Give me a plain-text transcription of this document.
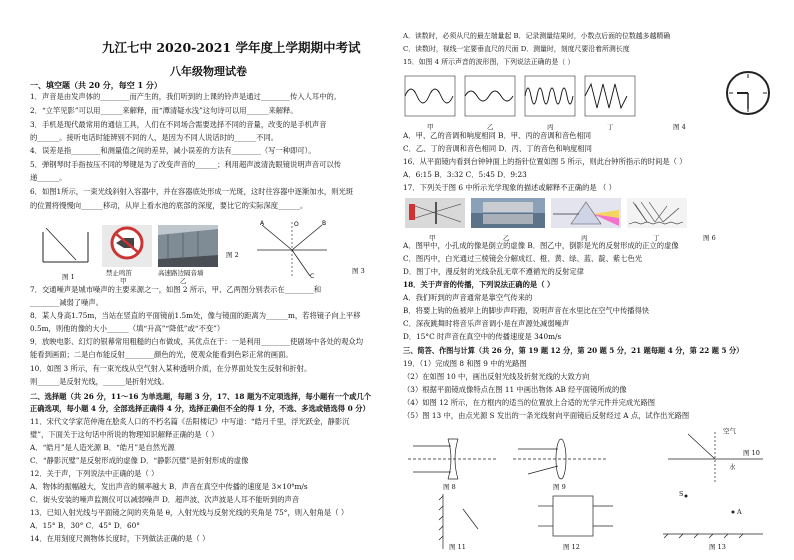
九江七中 2020-2021 学年度上学期期中考试
八年级物理试卷
一、填空题（共 20 分，每空 1 分）
1．声音是由发声体的________而产生的，我们听到的上课的铃声是通过________传入人耳中的。
2．“立竿见影”可以用______来解释，而“潭清疑水浅”这句诗可以用______来解释。
3．手机是现代最常用的通信工具，人们在不同场合需要选择不同的音量，改变的是手机声音
的______。接听电话时能辨别不同的人，是因为不同人说话时的______不同。
4．误差是指________和测量值之间的差异，减小误差的方法有________（写一种即可）。
5．弹钢琴时手指按压不同的琴键是为了改变声音的______；利用超声波清洗眼镜说明声音可以传
递______。
6．如图1所示，一束光线斜射入容器中，并在容器底处形成一光斑，这时往容器中逐渐加水，则光斑
的位置将慢慢向______移动，从岸上看水池的底部的深度，要比它的实际深度______。
图 1	禁止鸣笛	高速路边隔音墙
甲	乙
图 2
A	B
C
O
图 3
7．交通噪声是城市噪声的主要来源之一，如图 2 所示，甲、乙两图分别表示在________和
________减弱了噪声。
8．某人身高1.75m，当站在竖直的平面镜前1.5m处，像与镜面的距离为______m，若将镜子向上平移
0.5m，则他的像的大小______（填“升高”“降低”或“不变”）
9．放映电影、幻灯的银幕常用粗糙的白布做成，其优点在于：一是利用________使剧场中各处的观众均
能看到画面；二是白布能反射________颜色的光，使观众能看到色彩正常的画面。
10．如图 3 所示，有一束光线从空气射入某种透明介质，在分界面处发生反射和折射。
则______是反射光线，______是折射光线。
二、选择题（共 26 分，11～16 为单选题，每题 3 分，17、18 题为不定项选择，每小题有一个或几个
正确选项，每小题 4 分，全部选择正确得 4 分，选择正确但不全的得 1 分，不选、多选或错选得 0 分）
11．宋代文学家范仲淹在脍炙人口的不朽名篇《岳阳楼记》中写道：“皓月千里，浮光跃金，静影沉
璧”，下面关于这句话中所说的物理知识解释正确的是（ ）
A．“皓月”是人造光源 B．“皓月”是自然光源
C．“静影沉璧”是反射形成的虚像 D．“静影沉璧”是折射形成的虚像
12．关于声，下列说法中正确的是（ ）
A．物体的振幅越大，发出声音的频率越大 B．声音在真空中传播的速度是 3×10⁸m/s
C．街头安装的噪声监测仪可以减弱噪声 D．超声波、次声波是人耳不能听到的声音
13．已知入射光线与平面镜之间的夹角是 θ，入射光线与反射光线的夹角是 75°，则入射角是（ ）
A．15° B．30° C．45° D．60°
14．在用刻度尺测物体长度时，下列做法正确的是（ ）
A．读数时，必须从尺的最左端量起 B．记录测量结果时，小数点后面的位数越多越精确
C．读数时，视线一定要垂直尺的尺面 D．测量时，刻度尺要沿着所测长度
15．如图 4 所示声音的波形图，下列说法正确的是（ ）
甲	乙	丙	丁	图 4
A．甲、乙的音调和响度相同 B．甲、丙的音调和音色相同
C．乙、丁的音调和音色相同 D．丙、丁的音色和响度相同
16．从平面镜内看到台钟钟面上的指针位置如图 5 所示，则此台钟所指示的时间是（ ）
A．6:15 B．3:32 C．5:45 D．9:23
17．下列关于图 6 中所示光学现象的描述或解释不正确的是 （ ）
甲	乙	丙	丁	图 6
A．图甲中，小孔成的像是倒立的虚像 B．图乙中，倒影是光的反射形成的正立的虚像
C．图丙中，白光通过三棱镜会分解成红、橙、黄、绿、蓝、靛、紫七色光
D．图丁中，漫反射的光线杂乱无章不遵循光的反射定律
18．关于声音的传播，下列说法正确的是（ ）
A．我们听到的声音通常是靠空气传来的
B．将要上钩的鱼被岸上的脚步声吓跑，说明声音在水里比在空气中传播得快
C．深夜跳舞时将音乐声音调小是在声源处减弱噪声
D．15°C 时声音在真空中的传播速度是 340m/s
三、简答、作图与计算（共 26 分，第 19 题 12 分，第 20 题 5 分，21 题每题 4 分，第 22 题 5 分）
19．（1）完成图 8 和图 9 中的光路图
（2）在如图 10 中，画出反射光线及折射光线的大致方向
（3）根据平面镜成像特点在图 11 中画出物体 AB 经平面镜所成的像
（4）如图 12 所示，在方框内的适当的位置放上合适的光学元件并完成光路图
（5）图 13 中，由点光源 S 发出的一条光线射向平面镜后反射经过 A 点，试作出光路图
图 8	图 9
图 10
空气
水
图 11	图 12	图 13
S
A
